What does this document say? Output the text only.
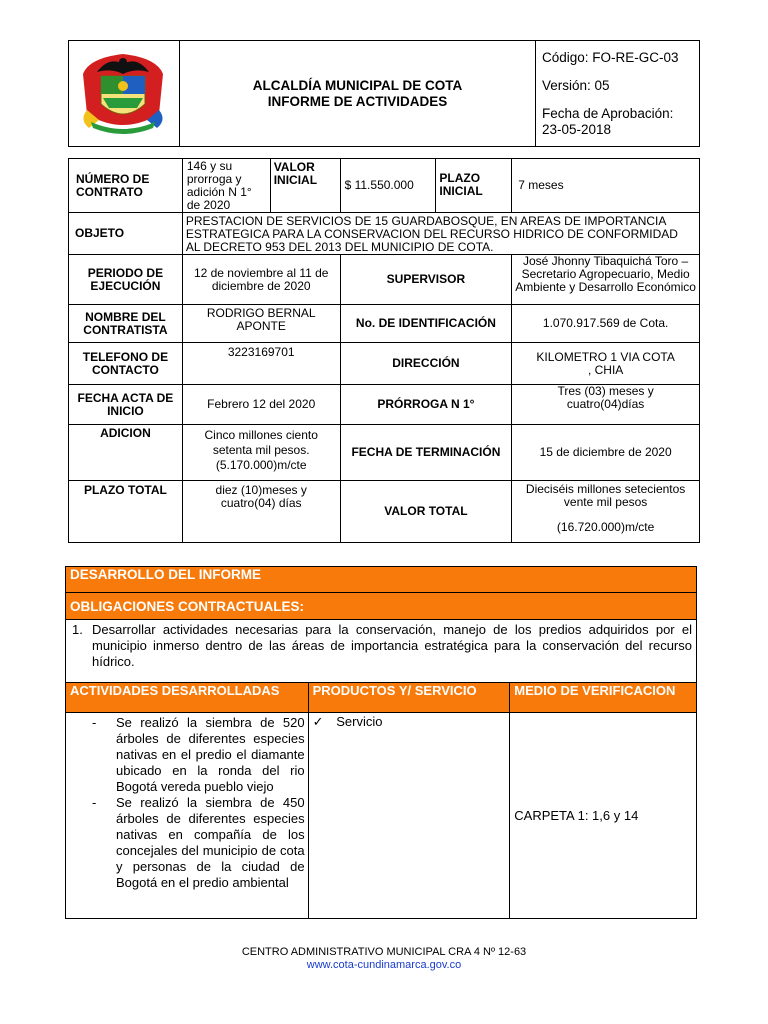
ALCALDÍA MUNICIPAL DE COTA
INFORME DE ACTIVIDADES

Código: FO-RE-GC-03
Versión: 05
Fecha de Aprobación:
23-05-2018
NÚMERO DE CONTRATO	146 y su prorroga y adición N 1° de 2020	VALOR INICIAL	$ 11.550.000	PLAZO INICIAL	7 meses
OBJETO	PRESTACION DE SERVICIOS DE 15 GUARDABOSQUE, EN AREAS DE IMPORTANCIA ESTRATEGICA PARA LA CONSERVACION DEL RECURSO HIDRICO DE CONFORMIDAD AL DECRETO 953 DEL 2013 DEL MUNICIPIO DE COTA.				
PERIODO DE EJECUCIÓN	12 de noviembre al 11 de diciembre de 2020		SUPERVISOR		José Jhonny Tibaquichá Toro – Secretario Agropecuario, Medio Ambiente y Desarrollo Económico
NOMBRE DEL CONTRATISTA	RODRIGO BERNAL APONTE		No. DE IDENTIFICACIÓN		1.070.917.569 de Cota.
TELEFONO DE CONTACTO	3223169701		DIRECCIÓN		KILOMETRO 1 VIA COTA , CHIA
FECHA ACTA DE INICIO	Febrero 12 del 2020		PRÓRROGA N 1°		Tres (03) meses y cuatro(04)días
ADICION	Cinco millones ciento setenta mil pesos.(5.170.000)m/cte		FECHA DE TERMINACIÓN		15 de diciembre de 2020
PLAZO TOTAL	diez (10)meses y cuatro(04) días		VALOR TOTAL		Dieciséis millones setecientos vente mil pesos
(16.720.000)m/cte
DESARROLLO DEL INFORME		
OBLIGACIONES CONTRACTUALES:		

1. Desarrollar actividades necesarias para la conservación, manejo de los predios adquiridos por el municipio inmerso dentro de las áreas de importancia estratégica para la conservación del recurso hídrico.		

ACTIVIDADES DESARROLLADAS	PRODUCTOS Y/ SERVICIO	MEDIO DE VERIFICACION

- Se realizó la siembra de 520 árboles de diferentes especies nativas en el predio el diamante ubicado en la ronda del rio Bogotá vereda pueblo viejo
- Se realizó la siembra de 450 árboles de diferentes especies nativas en compañía de los concejales del municipio de cota y personas de la ciudad de Bogotá en el predio ambiental	✓ Servicio	CARPETA 1: 1,6 y 14
CENTRO ADMINISTRATIVO MUNICIPAL CRA 4 Nº 12-63
www.cota-cundinamarca.gov.co
